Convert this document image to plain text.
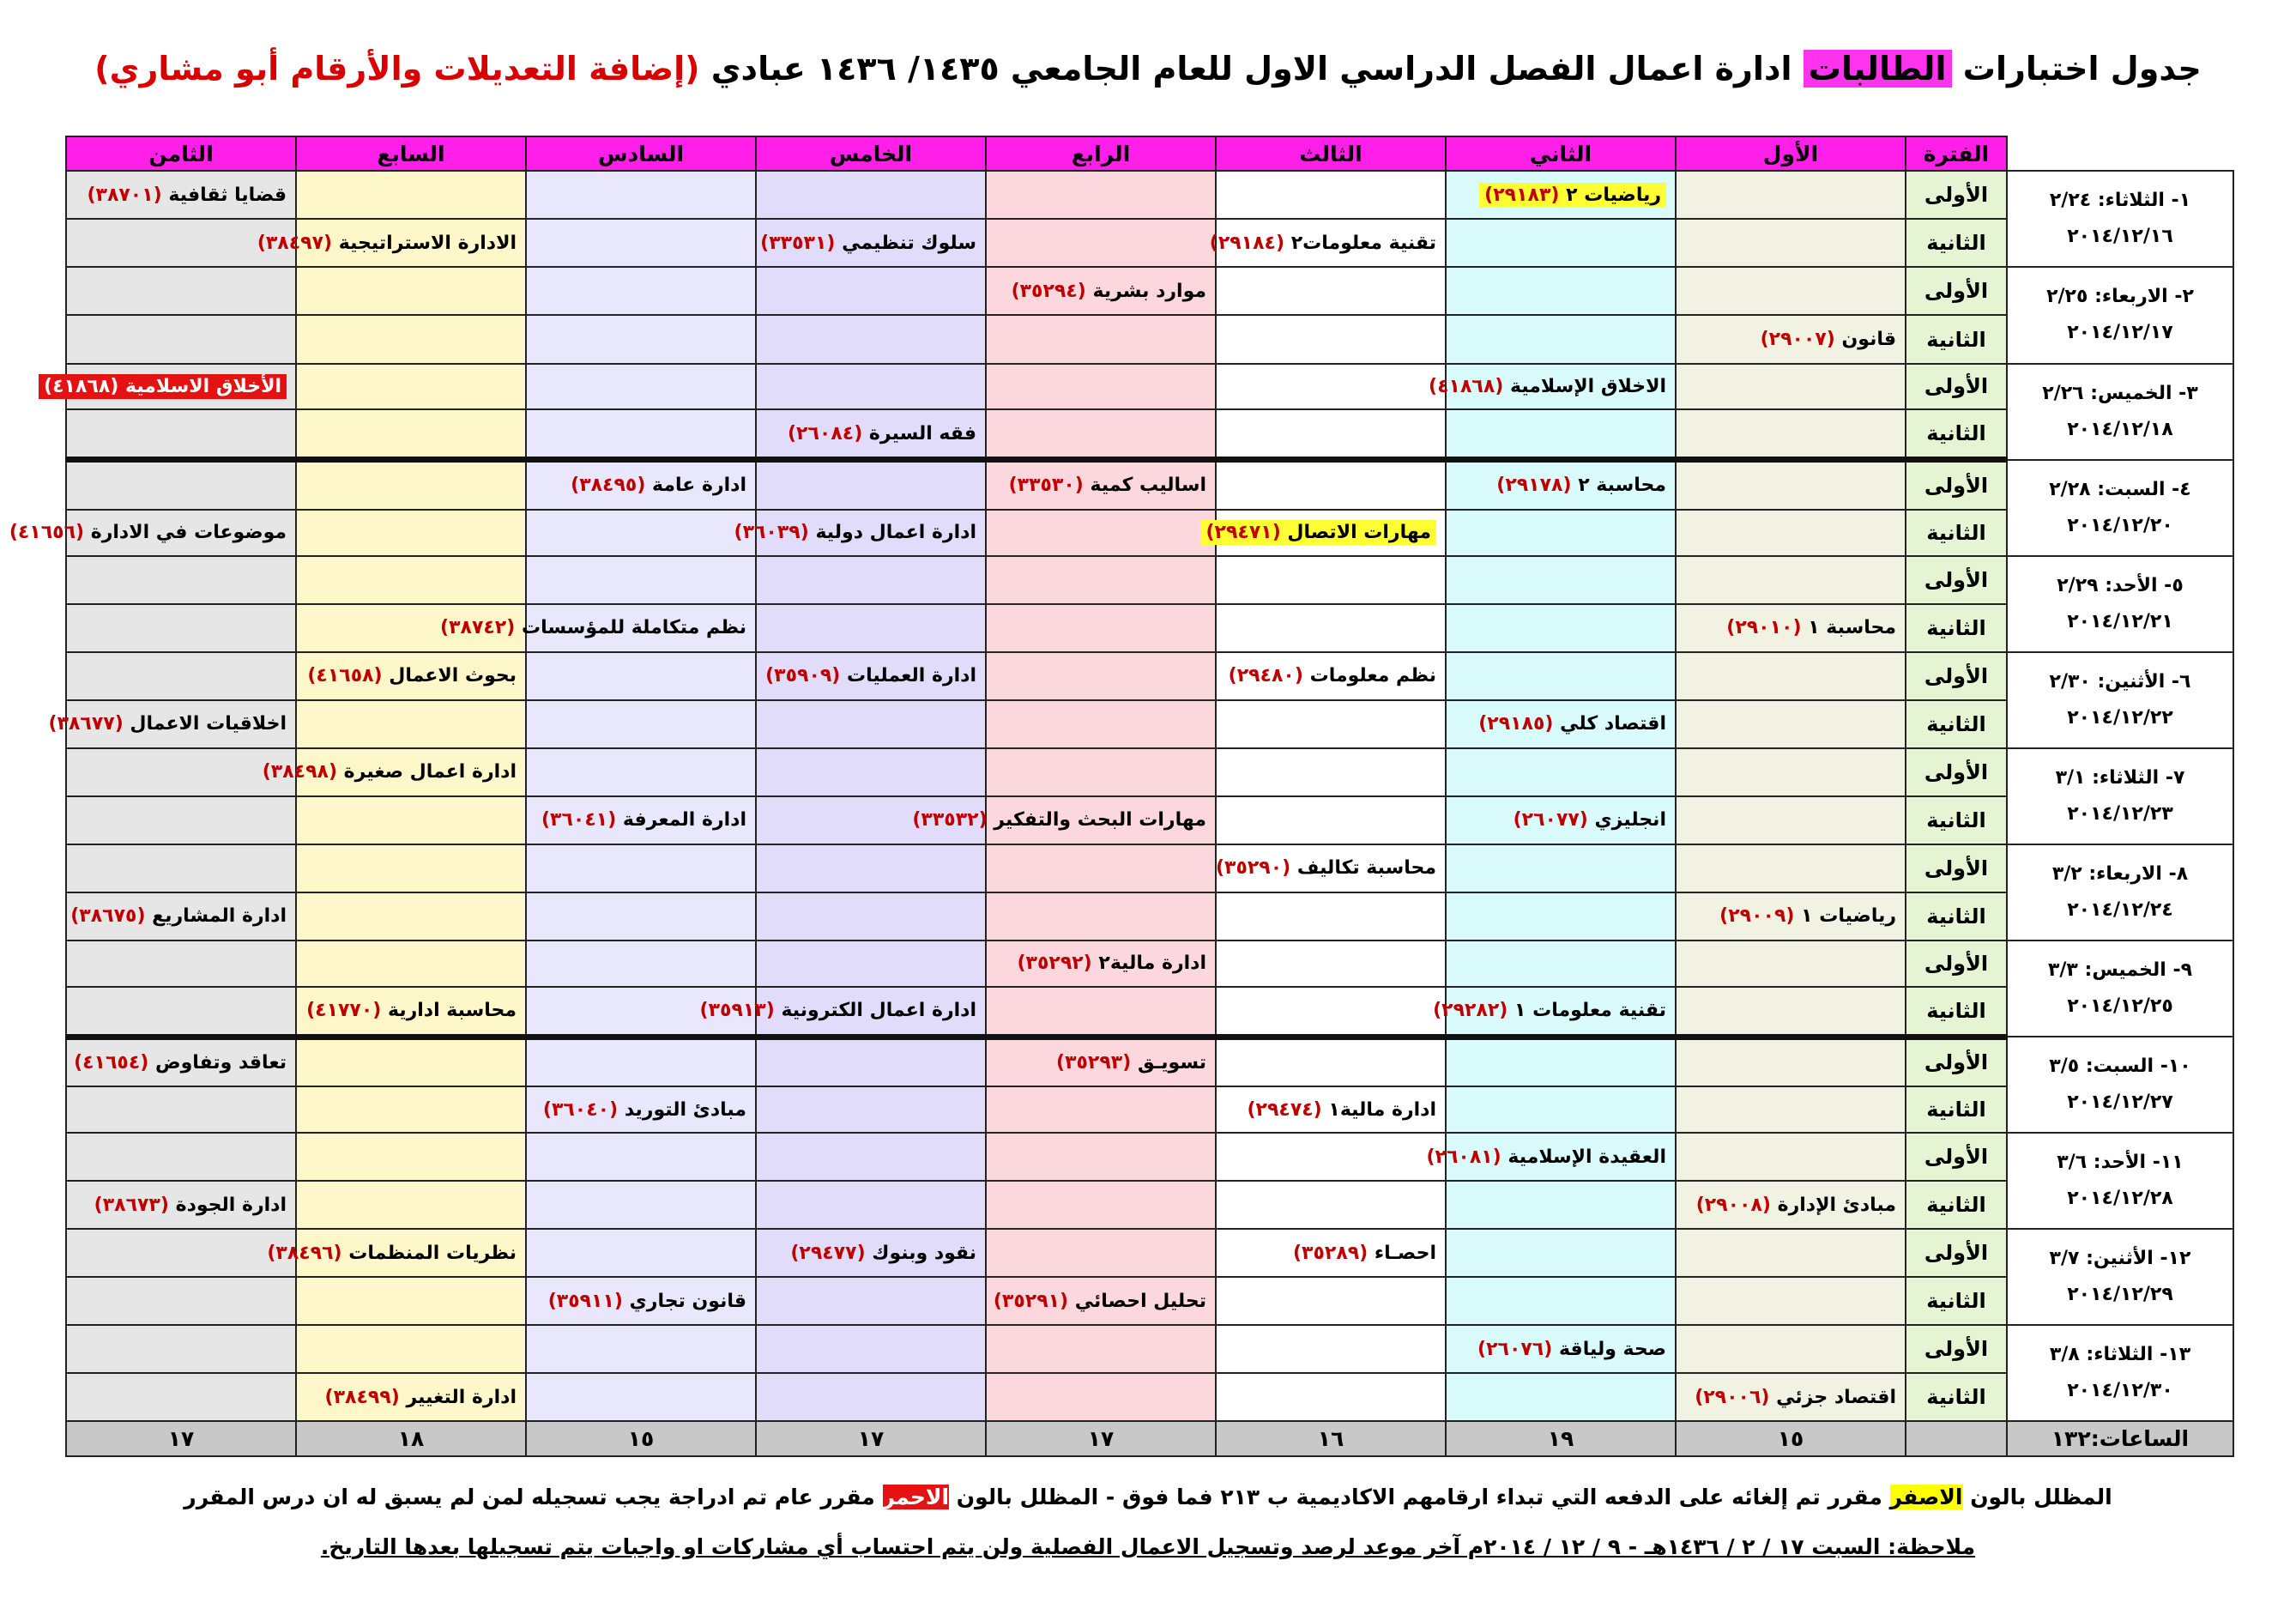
جدول اختبارات الطالبات ادارة اعمال الفصل الدراسي الاول للعام الجامعي ١٤٣٥/ ١٤٣٦ عبادي (إضافة التعديلات والأرقام أبو مشاري)
الثامن	السابع	السادس	الخامس	الرابع	الثالث	الثاني	الأول	الفترة	
قضايا ثقافية (٣٨٧٠١)						رياضيات ٢ (٢٩١٨٣)		الأولى	١- الثلاثاء: ٢/٢٤
٢٠١٤/١٢/١٦

	الادارة الاستراتيجية (٣٨٤٩٧)		سلوك تنظيمي (٣٣٥٣١)		تقنية معلومات٢ (٢٩١٨٤)			الثانية	
				موارد بشرية (٣٥٢٩٤)				الأولى	٢- الاربعاء: ٢/٢٥
٢٠١٤/١٢/١٧

							قانون (٢٩٠٠٧)	الثانية	
الأخلاق الاسلامية (٤١٨٦٨)						الاخلاق الإسلامية (٤١٨٦٨)		الأولى	٣- الخميس: ٢/٢٦
٢٠١٤/١٢/١٨

			فقه السيرة (٢٦٠٨٤)					الثانية	
		ادارة عامة (٣٨٤٩٥)		اساليب كمية (٣٣٥٣٠)		محاسبة ٢ (٢٩١٧٨)		الأولى	٤- السبت: ٢/٢٨
٢٠١٤/١٢/٢٠

موضوعات في الادارة (٤١٦٥٦)			ادارة اعمال دولية (٣٦٠٣٩)		مهارات الاتصال (٢٩٤٧١)			الثانية	
								الأولى	٥- الأحد: ٢/٢٩
٢٠١٤/١٢/٢١

		نظم متكاملة للمؤسسات (٣٨٧٤٢)					محاسبة ١ (٢٩٠١٠)	الثانية	
	بحوث الاعمال (٤١٦٥٨)		ادارة العمليات (٣٥٩٠٩)		نظم معلومات (٢٩٤٨٠)			الأولى	٦- الأثنين: ٢/٣٠
٢٠١٤/١٢/٢٢

اخلاقيات الاعمال (٣٨٦٧٧)						اقتصاد كلي (٢٩١٨٥)		الثانية	
	ادارة اعمال صغيرة (٣٨٤٩٨)							الأولى	٧- الثلاثاء: ٣/١
٢٠١٤/١٢/٢٣

		ادارة المعرفة (٣٦٠٤١)		مهارات البحث والتفكير (٣٣٥٣٢)		انجليزي (٢٦٠٧٧)		الثانية	
					محاسبة تكاليف (٣٥٢٩٠)			الأولى	٨- الاربعاء: ٣/٢
٢٠١٤/١٢/٢٤

ادارة المشاريع (٣٨٦٧٥)							رياضيات ١ (٢٩٠٠٩)	الثانية	
				ادارة مالية٢ (٣٥٢٩٢)				الأولى	٩- الخميس: ٣/٣
٢٠١٤/١٢/٢٥

	محاسبة ادارية (٤١٧٧٠)		ادارة اعمال الكترونية (٣٥٩١٣)			تقنية معلومات ١ (٢٩٢٨٢)		الثانية	
تعاقد وتفاوض (٤١٦٥٤)				تسويـق (٣٥٢٩٣)				الأولى	١٠- السبت: ٣/٥
٢٠١٤/١٢/٢٧

		مبادئ التوريد (٣٦٠٤٠)			ادارة مالية١ (٢٩٤٧٤)			الثانية	
						العقيدة الإسلامية (٢٦٠٨١)		الأولى	١١- الأحد: ٣/٦
٢٠١٤/١٢/٢٨

ادارة الجودة (٣٨٦٧٣)							مبادئ الإدارة (٢٩٠٠٨)	الثانية	
	نظريات المنظمات (٣٨٤٩٦)		نقود وبنوك (٢٩٤٧٧)		احصـاء (٣٥٢٨٩)			الأولى	١٢- الأثنين: ٣/٧
٢٠١٤/١٢/٢٩

		قانون تجاري (٣٥٩١١)		تحليل احصائي (٣٥٢٩١)				الثانية	
						صحة ولياقة (٢٦٠٧٦)		الأولى	١٣- الثلاثاء: ٣/٨
٢٠١٤/١٢/٣٠

	ادارة التغيير (٣٨٤٩٩)						اقتصاد جزئي (٢٩٠٠٦)	الثانية	
١٧	١٨	١٥	١٧	١٧	١٦	١٩	١٥		الساعات:١٣٢
المظلل بالون الاصفر مقرر تم إلغائه على الدفعه التي تبداء ارقامهم الاكاديمية ب ٢١٣ فما فوق - المظلل بالون الاحمر مقرر عام تم ادراجة يجب تسجيله لمن لم يسبق له ان درس المقرر
ملاحظة: السبت ١٧ / ٢ / ١٤٣٦هـ - ٩ / ١٢ / ٢٠١٤م آخر موعد لرصد وتسجيل الاعمال الفصلية ولن يتم احتساب أي مشاركات او واجبات يتم تسجيلها بعدها التاريخ.
